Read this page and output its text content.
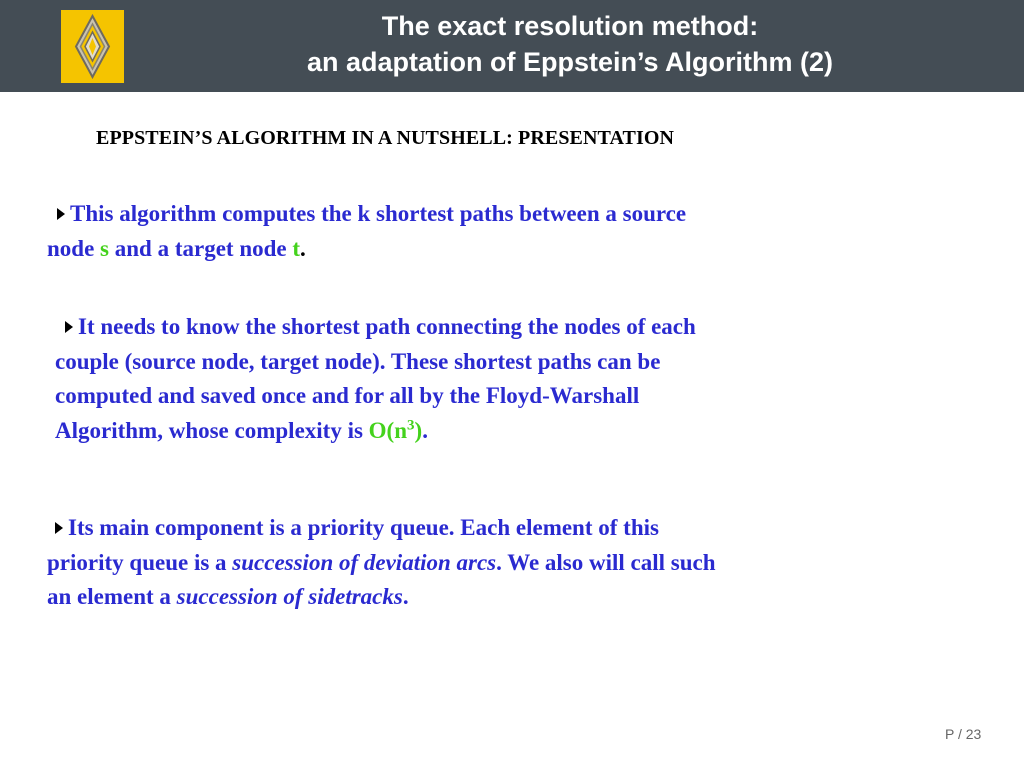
The exact resolution method:
an adaptation of Eppstein’s Algorithm (2)
EPPSTEIN’S ALGORITHM IN A NUTSHELL: PRESENTATION
This algorithm computes the k shortest paths between a source
node s and a target node t.
It needs to know the shortest path connecting the nodes of each
couple (source node, target node). These shortest paths can be
computed and saved once and for all by the Floyd-Warshall
Algorithm, whose complexity is $O(n^3)$.
Its main component is a priority queue. Each element of this
priority queue is a succession of deviation arcs. We also will call such
an element a succession of sidetracks.
P / 23
